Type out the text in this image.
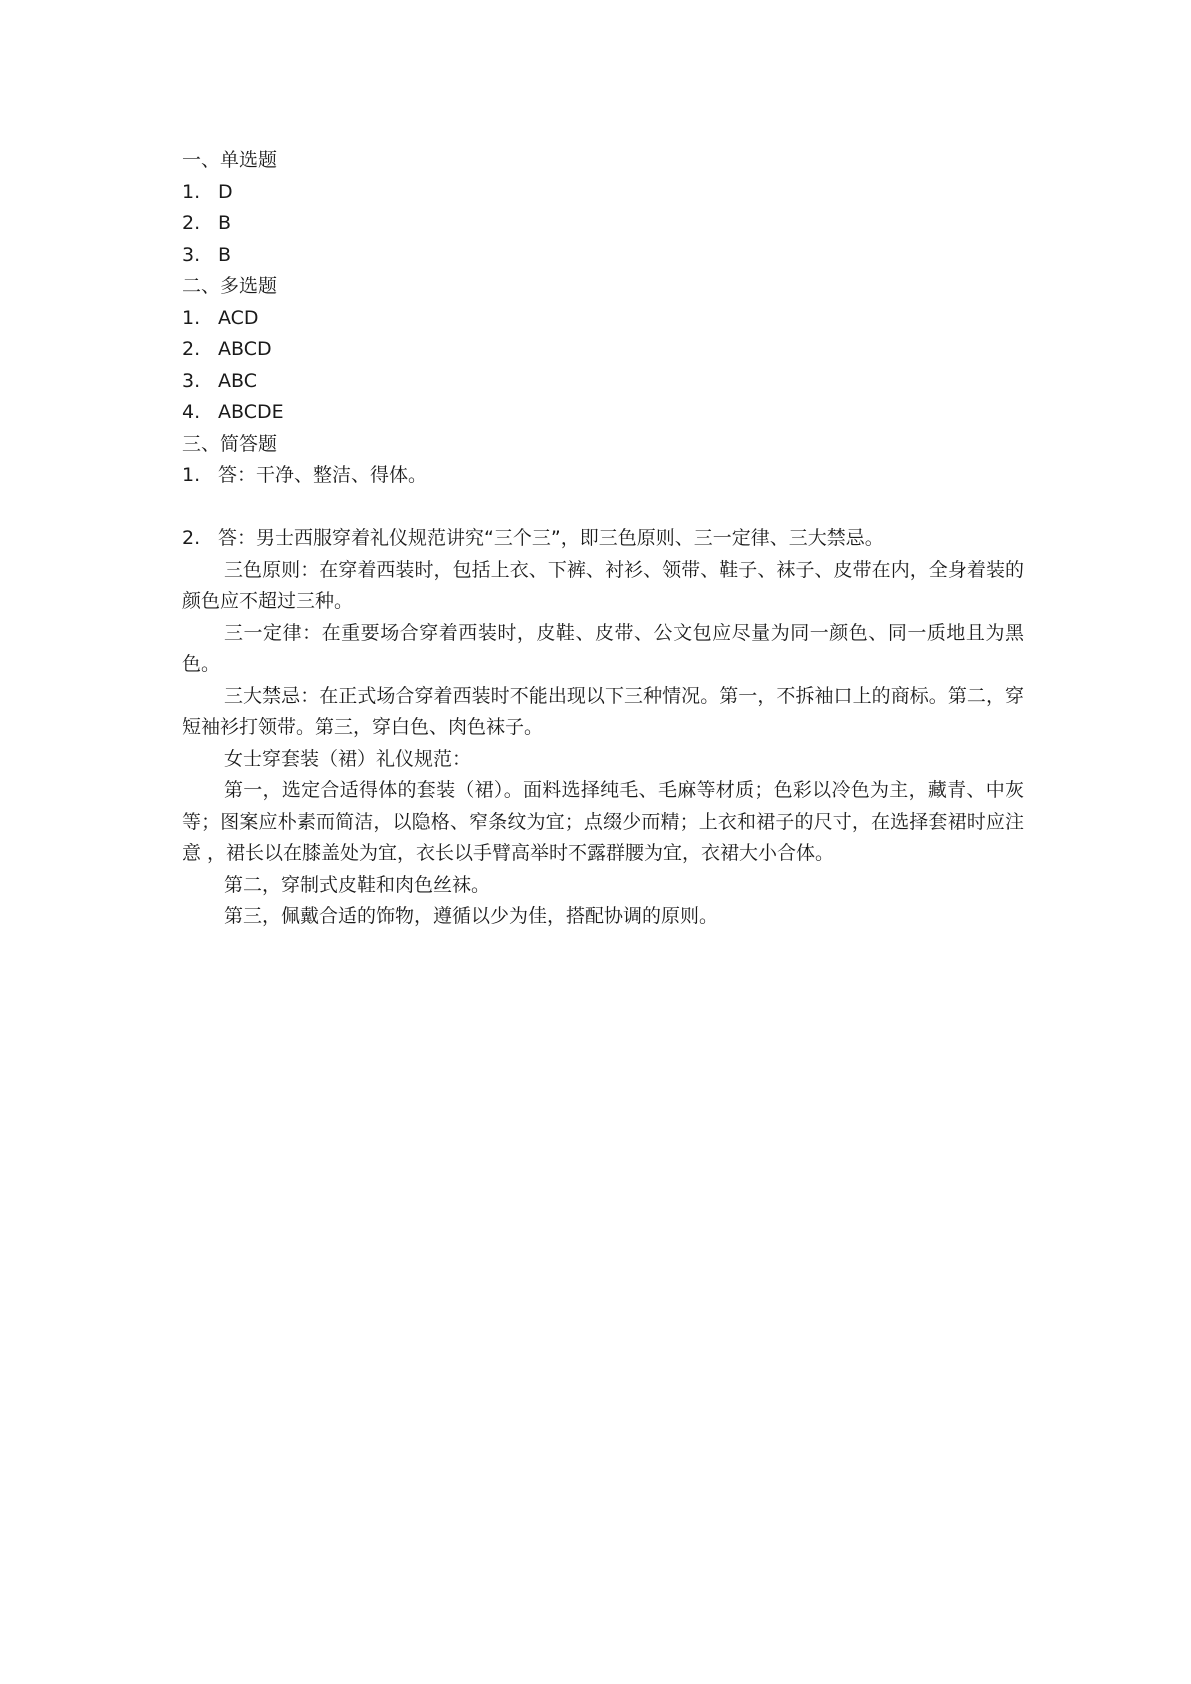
一、单选题
1. D
2. B
3. B
二、多选题
1. ACD
2. ABCD
3. ABC
4. ABCDE
三、简答题
1. 答：干净、整洁、得体。
2. 答：男士西服穿着礼仪规范讲究“三个三”，即三色原则、三一定律、三大禁忌。

三色原则：在穿着西装时，包括上衣、下裤、衬衫、领带、鞋子、袜子、皮带在内，全身着装的颜色应不超过三种。

三一定律：在重要场合穿着西装时，皮鞋、皮带、公文包应尽量为同一颜色、同一质地且为黑色。

三大禁忌：在正式场合穿着西装时不能出现以下三种情况。第一，不拆袖口上的商标。第二，穿短袖衫打领带。第三，穿白色、肉色袜子。

女士穿套装（裙）礼仪规范：

第一，选定合适得体的套装（裙）。面料选择纯毛、毛麻等材质；色彩以冷色为主，藏青、中灰等；图案应朴素而简洁，以隐格、窄条纹为宜；点缀少而精；上衣和裙子的尺寸，在选择套裙时应注意 ，裙长以在膝盖处为宜，衣长以手臂高举时不露群腰为宜，衣裙大小合体。

第二，穿制式皮鞋和肉色丝袜。

第三，佩戴合适的饰物，遵循以少为佳，搭配协调的原则。
